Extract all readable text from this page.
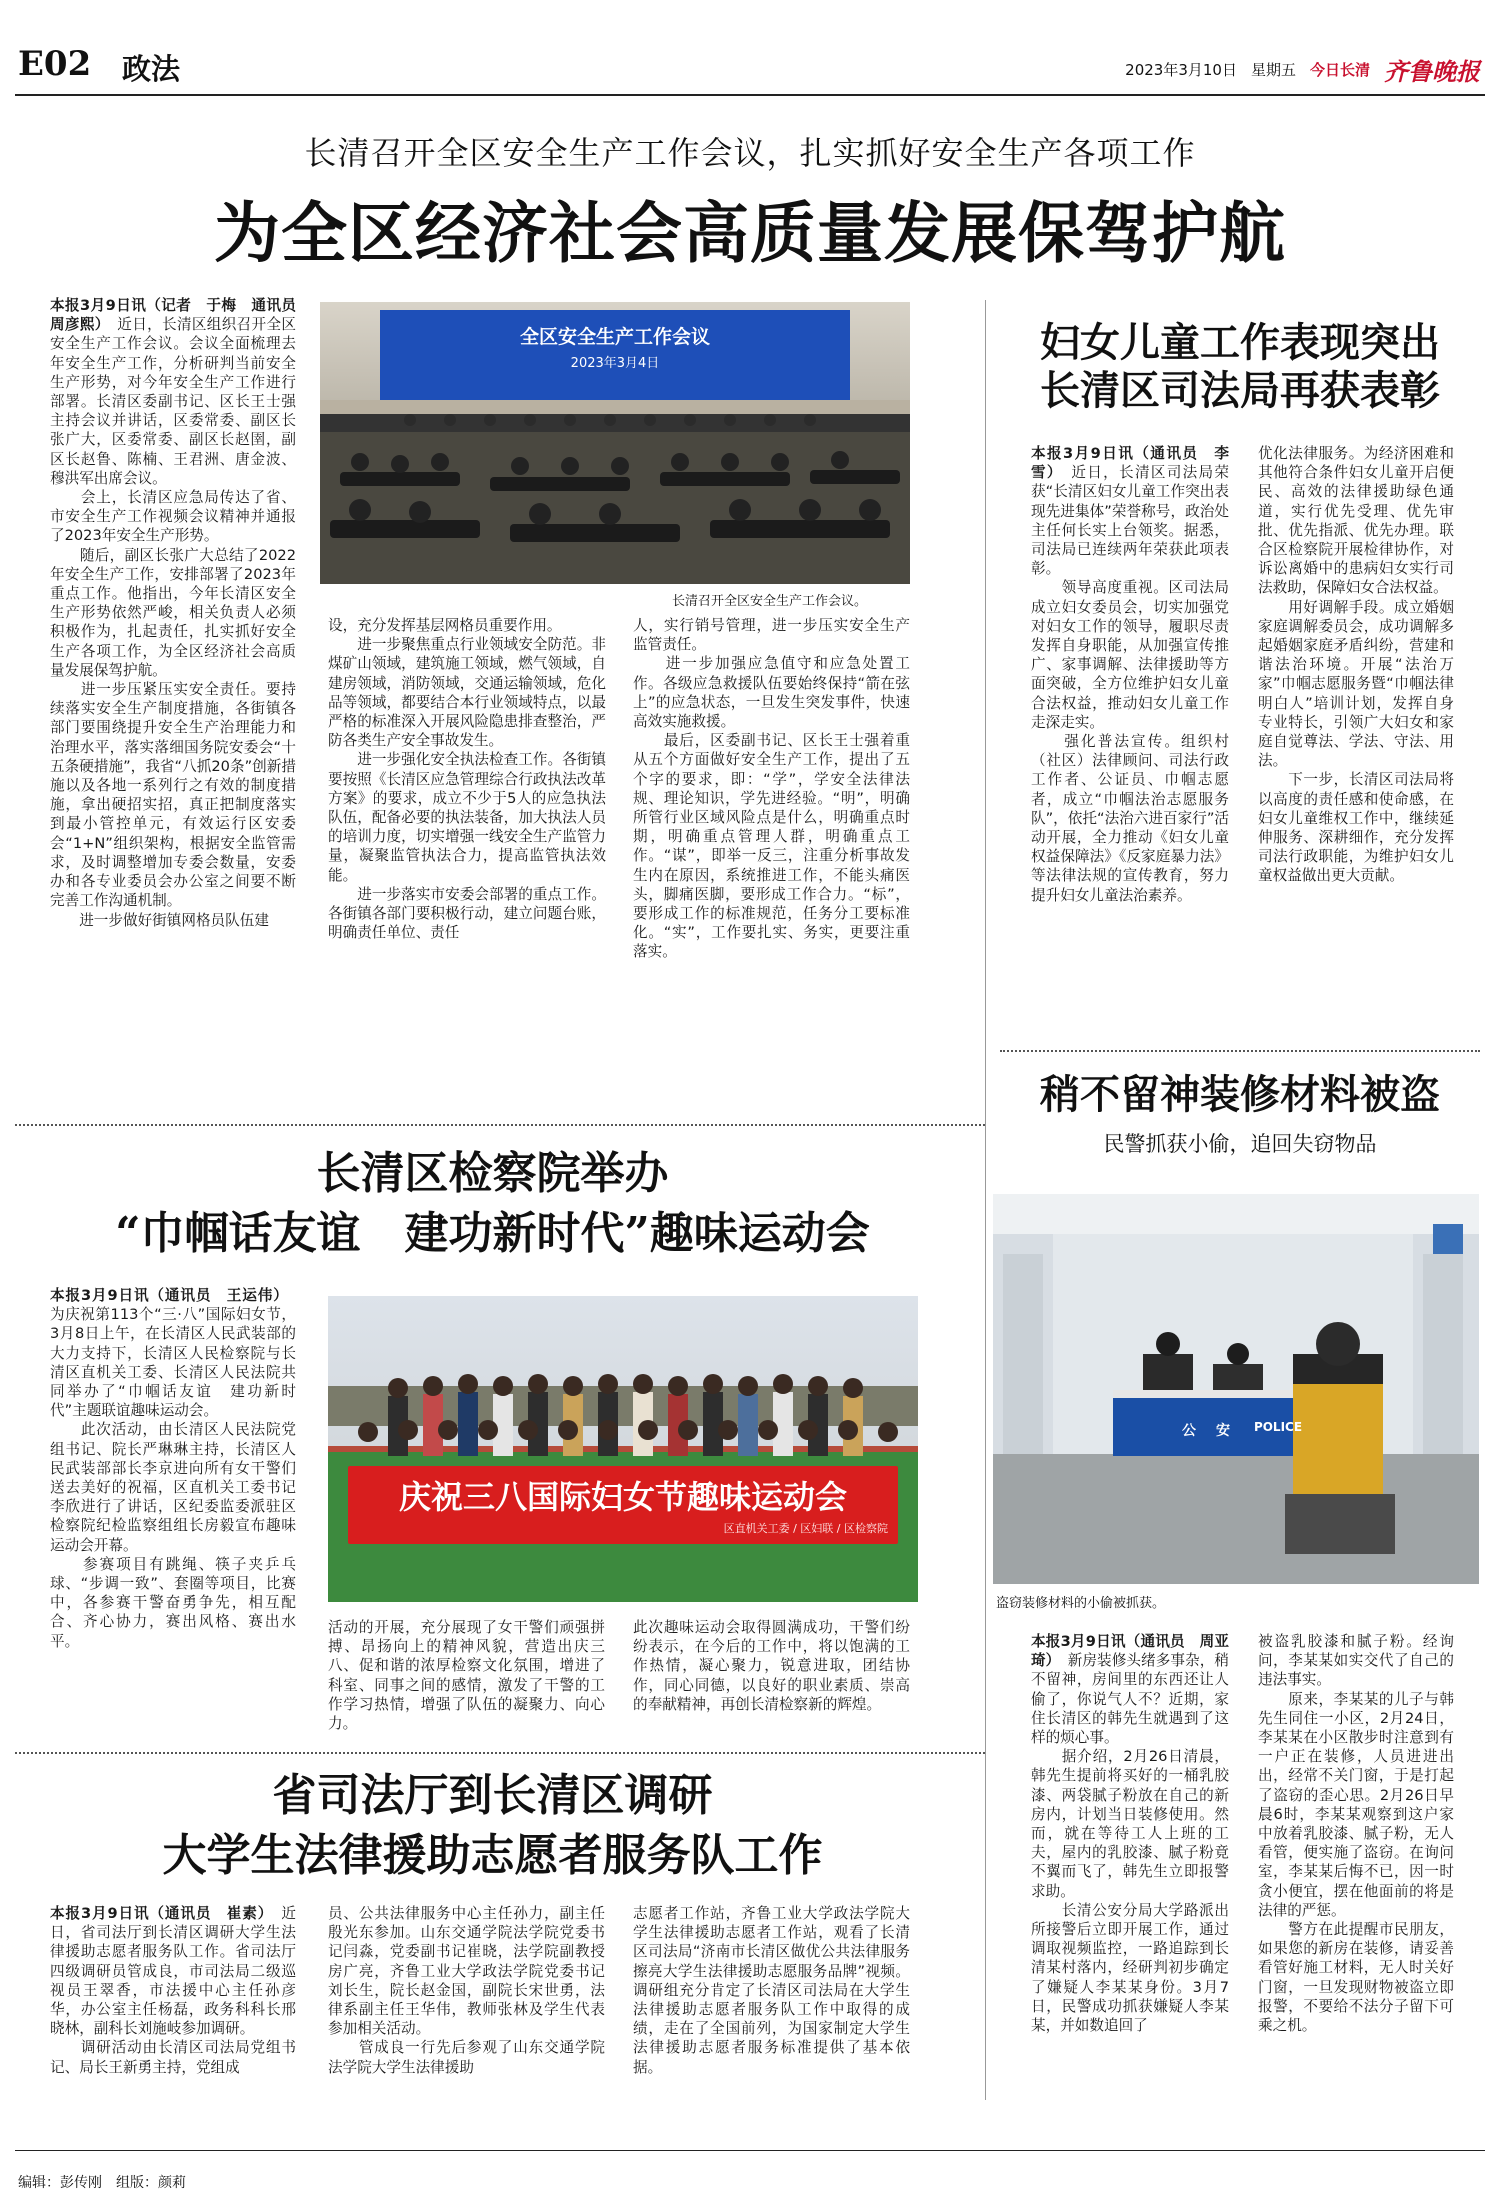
E02 政法	2023年3月10日 星期五 今日长清 齐鲁晚报
长清召开全区安全生产工作会议，扎实抓好安全生产各项工作
为全区经济社会高质量发展保驾护航
本报3月9日讯（记者　于梅　通讯员　周彦熙）　近日，长清区组织召开全区安全生产工作会议。会议全面梳理去年安全生产工作，分析研判当前安全生产形势，对今年安全生产工作进行部署。长清区委副书记、区长王士强主持会议并讲话，区委常委、副区长张广大，区委常委、副区长赵圉，副区长赵鲁、陈楠、王君洲、唐金波、穆洪军出席会议。
　　会上，长清区应急局传达了省、市安全生产工作视频会议精神并通报了2023年安全生产形势。
　　随后，副区长张广大总结了2022年安全生产工作，安排部署了2023年重点工作。他指出，今年长清区安全生产形势依然严峻，相关负责人必须积极作为，扎起责任，扎实抓好安全生产各项工作，为全区经济社会高质量发展保驾护航。
　　进一步压紧压实安全责任。要持续落实安全生产制度措施，各街镇各部门要围绕提升安全生产治理能力和治理水平，落实落细国务院安委会“十五条硬措施”，我省“八抓20条”创新措施以及各地一系列行之有效的制度措施，拿出硬招实招，真正把制度落实到最小管控单元，有效运行区安委会“1+N”组织架构，根据安全监管需求，及时调整增加专委会数量，安委办和各专业委员会办公室之间要不断完善工作沟通机制。
　　进一步做好街镇网格员队伍建
全区安全生产工作会议
2023年3月4日
长清召开全区安全生产工作会议。
设，充分发挥基层网格员重要作用。
　　进一步聚焦重点行业领域安全防范。非煤矿山领域，建筑施工领域，燃气领域，自建房领域，消防领域，交通运输领域，危化品等领域，都要结合本行业领域特点，以最严格的标准深入开展风险隐患排查整治，严防各类生产安全事故发生。
　　进一步强化安全执法检查工作。各街镇要按照《长清区应急管理综合行政执法改革方案》的要求，成立不少于5人的应急执法队伍，配备必要的执法装备，加大执法人员的培训力度，切实增强一线安全生产监管力量，凝聚监管执法合力，提高监管执法效能。
　　进一步落实市安委会部署的重点工作。各街镇各部门要积极行动，建立问题台账，明确责任单位、责任
人，实行销号管理，进一步压实安全生产监管责任。
　　进一步加强应急值守和应急处置工作。各级应急救援队伍要始终保持“箭在弦上”的应急状态，一旦发生突发事件，快速高效实施救援。
　　最后，区委副书记、区长王士强着重从五个方面做好安全生产工作，提出了五个字的要求，即：“学”，学安全法律法规、理论知识，学先进经验。“明”，明确所管行业区域风险点是什么，明确重点时期，明确重点管理人群，明确重点工作。“谋”，即举一反三，注重分析事故发生内在原因，系统推进工作，不能头痛医头，脚痛医脚，要形成工作合力。“标”，要形成工作的标准规范，任务分工要标准化。“实”，工作要扎实、务实，更要注重落实。
妇女儿童工作表现突出
长清区司法局再获表彰
本报3月9日讯（通讯员　李雪）　近日，长清区司法局荣获“长清区妇女儿童工作突出表现先进集体”荣誉称号，政治处主任何长实上台领奖。据悉，司法局已连续两年荣获此项表彰。
　　领导高度重视。区司法局成立妇女委员会，切实加强党对妇女工作的领导，履职尽责发挥自身职能，从加强宣传推广、家事调解、法律援助等方面突破，全方位维护妇女儿童合法权益，推动妇女儿童工作走深走实。
　　强化普法宣传。组织村（社区）法律顾问、司法行政工作者、公证员、巾帼志愿者，成立“巾帼法治志愿服务队”，依托“法治六进百家行”活动开展，全力推动《妇女儿童权益保障法》《反家庭暴力法》等法律法规的宣传教育，努力提升妇女儿童法治素养。
优化法律服务。为经济困难和其他符合条件妇女儿童开启便民、高效的法律援助绿色通道，实行优先受理、优先审批、优先指派、优先办理。联合区检察院开展检律协作，对诉讼离婚中的患病妇女实行司法救助，保障妇女合法权益。
　　用好调解手段。成立婚姻家庭调解委员会，成功调解多起婚姻家庭矛盾纠纷，营建和谐法治环境。开展“法治万家”巾帼志愿服务暨“巾帼法律明白人”培训计划，发挥自身专业特长，引领广大妇女和家庭自觉尊法、学法、守法、用法。
　　下一步，长清区司法局将以高度的责任感和使命感，在妇女儿童维权工作中，继续延伸服务、深耕细作，充分发挥司法行政职能，为维护妇女儿童权益做出更大贡献。
长清区检察院举办
“巾帼话友谊　建功新时代”趣味运动会
本报3月9日讯（通讯员　王运伟）　为庆祝第113个“三·八”国际妇女节，3月8日上午，在长清区人民武装部的大力支持下，长清区人民检察院与长清区直机关工委、长清区人民法院共同举办了“巾帼话友谊　建功新时代”主题联谊趣味运动会。
　　此次活动，由长清区人民法院党组书记、院长严琳琳主持，长清区人民武装部部长李京进向所有女干警们送去美好的祝福，区直机关工委书记李欣进行了讲话，区纪委监委派驻区检察院纪检监察组组长房毅宣布趣味运动会开幕。
　　参赛项目有跳绳、筷子夹乒乓球、“步调一致”、套圈等项目，比赛中，各参赛干警奋勇争先，相互配合、齐心协力，赛出风格、赛出水平。
庆祝三八国际妇女节趣味运动会
区直机关工委 / 区妇联 / 区检察院
活动的开展，充分展现了女干警们顽强拼搏、昂扬向上的精神风貌，营造出庆三八、促和谐的浓厚检察文化氛围，增进了科室、同事之间的感情，激发了干警的工作学习热情，增强了队伍的凝聚力、向心力。
此次趣味运动会取得圆满成功，干警们纷纷表示，在今后的工作中，将以饱满的工作热情，凝心聚力，锐意进取，团结协作，同心同德，以良好的职业素质、崇高的奉献精神，再创长清检察新的辉煌。
稍不留神装修材料被盗
民警抓获小偷，追回失窃物品
公	安	POLICE
盗窃装修材料的小偷被抓获。
本报3月9日讯（通讯员　周亚琦）　新房装修头绪多事杂，稍不留神，房间里的东西还让人偷了，你说气人不？近期，家住长清区的韩先生就遇到了这样的烦心事。
　　据介绍，2月26日清晨，韩先生提前将买好的一桶乳胶漆、两袋腻子粉放在自己的新房内，计划当日装修使用。然而，就在等待工人上班的工夫，屋内的乳胶漆、腻子粉竟不翼而飞了，韩先生立即报警求助。
　　长清公安分局大学路派出所接警后立即开展工作，通过调取视频监控，一路追踪到长清某村落内，经研判初步确定了嫌疑人李某某身份。3月7日，民警成功抓获嫌疑人李某某，并如数追回了
被盗乳胶漆和腻子粉。经询问，李某某如实交代了自己的违法事实。
　　原来，李某某的儿子与韩先生同住一小区，2月24日，李某某在小区散步时注意到有一户正在装修，人员进进出出，经常不关门窗，于是打起了盗窃的歪心思。2月26日早晨6时，李某某观察到这户家中放着乳胶漆、腻子粉，无人看管，便实施了盗窃。在询问室，李某某后悔不已，因一时贪小便宜，摆在他面前的将是法律的严惩。
　　警方在此提醒市民朋友，如果您的新房在装修，请妥善看管好施工材料，无人时关好门窗，一旦发现财物被盗立即报警，不要给不法分子留下可乘之机。
省司法厅到长清区调研
大学生法律援助志愿者服务队工作
本报3月9日讯（通讯员　崔素）　近日，省司法厅到长清区调研大学生法律援助志愿者服务队工作。省司法厅四级调研员管成良，市司法局二级巡视员王翠香，市法援中心主任孙彦华，办公室主任杨磊，政务科科长邢晓林，副科长刘施岐参加调研。
　　调研活动由长清区司法局党组书记、局长王新勇主持，党组成
员、公共法律服务中心主任孙力，副主任殷光东参加。山东交通学院法学院党委书记闫淼，党委副书记崔晓，法学院副教授房广亮，齐鲁工业大学政法学院党委书记刘长生，院长赵金国，副院长宋世勇，法律系副主任王华伟，教师张林及学生代表参加相关活动。
　　管成良一行先后参观了山东交通学院法学院大学生法律援助
志愿者工作站，齐鲁工业大学政法学院大学生法律援助志愿者工作站，观看了长清区司法局“济南市长清区做优公共法律服务　擦亮大学生法律援助志愿服务品牌”视频。调研组充分肯定了长清区司法局在大学生法律援助志愿者服务队工作中取得的成绩，走在了全国前列，为国家制定大学生法律援助志愿者服务标准提供了基本依据。
编辑：彭传刚　 组版：颜莉
